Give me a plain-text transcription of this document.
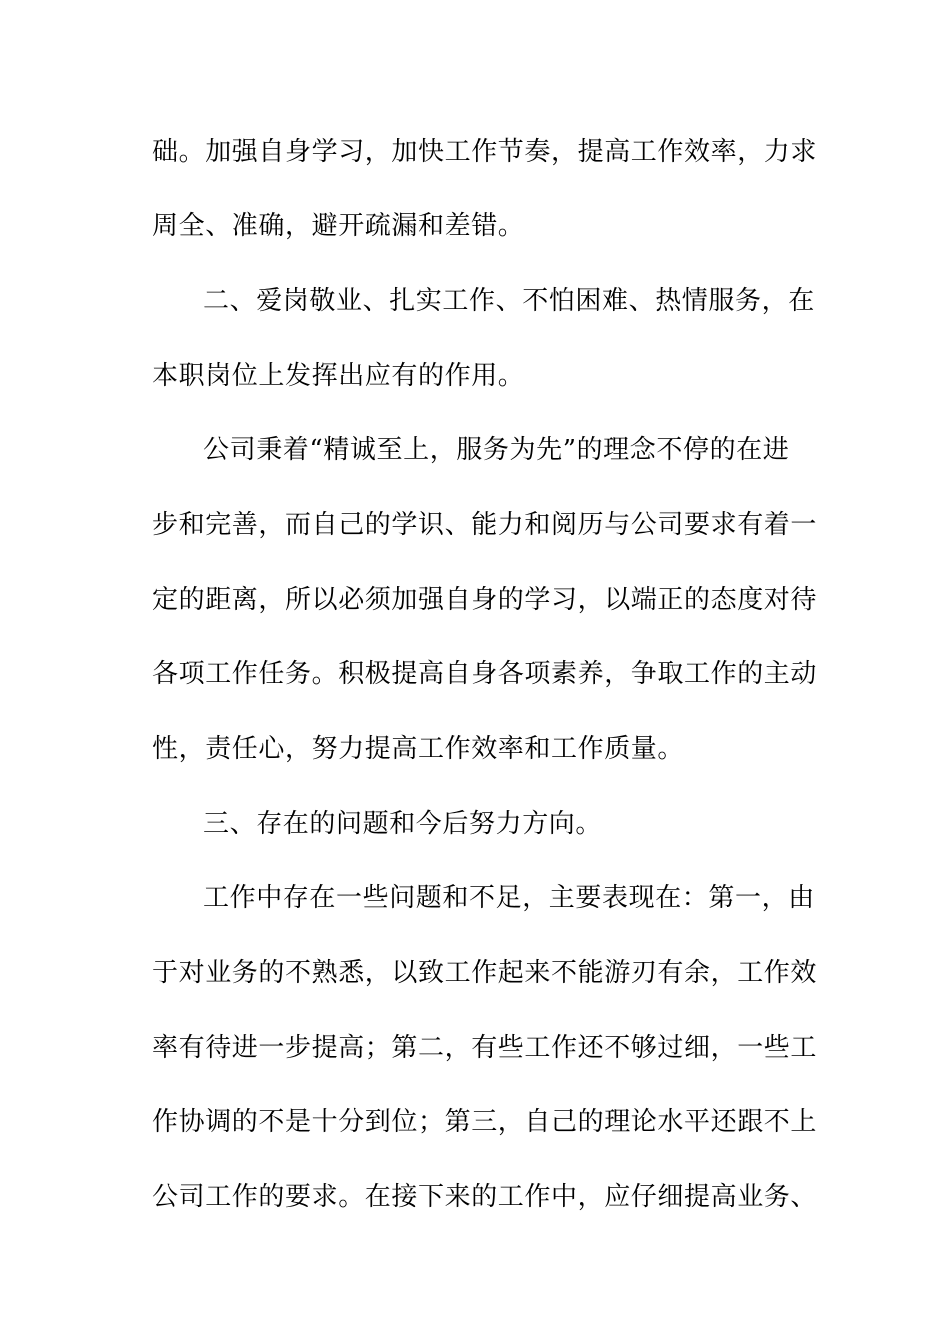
础。加强自身学习，加快工作节奏，提高工作效率，力求
周全、准确，避开疏漏和差错。
二、爱岗敬业、扎实工作、不怕困难、热情服务，在
本职岗位上发挥出应有的作用。
公司秉着“精诚至上，服务为先”的理念不停的在进
步和完善，而自己的学识、能力和阅历与公司要求有着一
定的距离，所以必须加强自身的学习，以端正的态度对待
各项工作任务。积极提高自身各项素养，争取工作的主动
性，责任心，努力提高工作效率和工作质量。
三、存在的问题和今后努力方向。
工作中存在一些问题和不足，主要表现在：第一，由
于对业务的不熟悉，以致工作起来不能游刃有余，工作效
率有待进一步提高；第二，有些工作还不够过细，一些工
作协调的不是十分到位；第三，自己的理论水平还跟不上
公司工作的要求。在接下来的工作中，应仔细提高业务、
